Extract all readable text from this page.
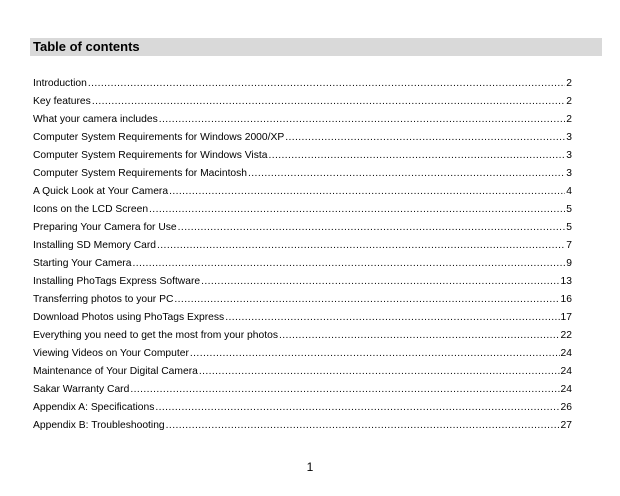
Table of contents
Introduction .....	2
Key features .....	2
What your camera includes .....	2
Computer System Requirements for Windows 2000/XP .....	3
Computer System Requirements for Windows Vista .....	3
Computer System Requirements for Macintosh .....	3
A Quick Look at Your Camera .....	4
Icons on the LCD Screen .....	5
Preparing Your Camera for Use .....	5
Installing SD Memory Card .....	7
Starting Your Camera .....	9
Installing PhoTags Express Software .....	13
Transferring photos to your PC .....	16
Download Photos using PhoTags Express .....	17
Everything you need to get the most from your photos .....	22
Viewing Videos on Your Computer .....	24
Maintenance of Your Digital Camera .....	24
Sakar Warranty Card .....	24
Appendix A: Specifications .....	26
Appendix B: Troubleshooting .....	27
1
